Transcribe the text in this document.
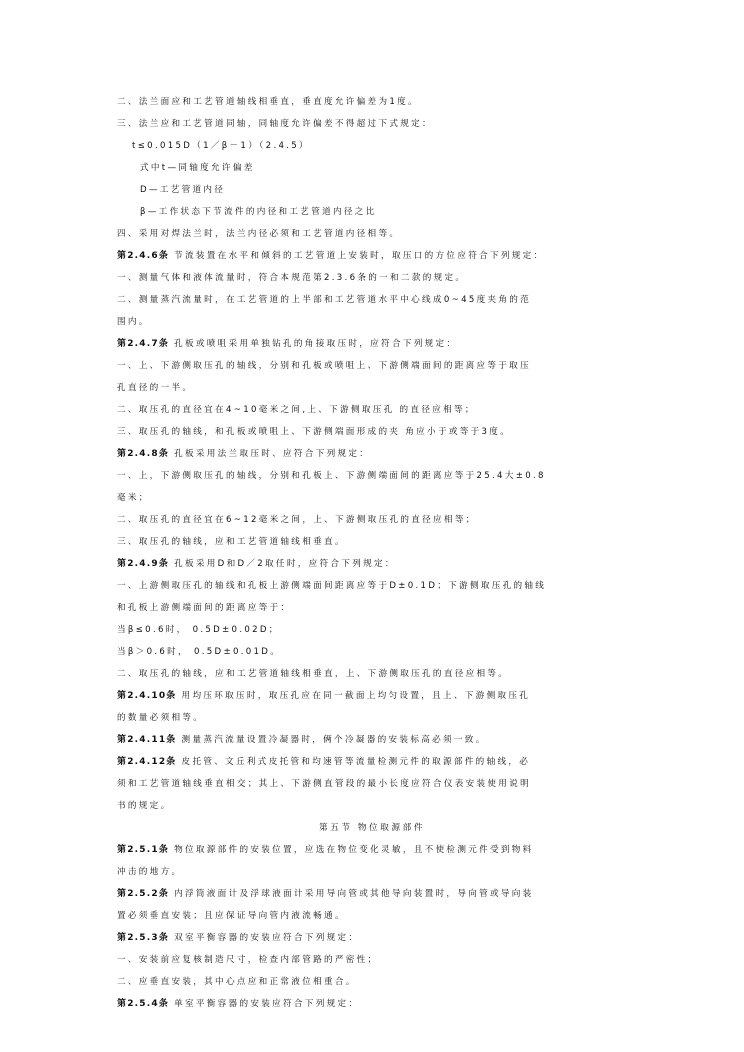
二、法兰面应和工艺管道轴线相垂直，垂直度允许偏差为1度。
三、法兰应和工艺管道同轴，同轴度允许偏差不得超过下式规定：
t≤0.015D（1／β－1）（2.4.5）
式中t—同轴度允许偏差
D—工艺管道内径
β—工作状态下节流件的内径和工艺管道内径之比
四、采用对焊法兰时，法兰内径必须和工艺管道内径相等。
第2.4.6条 节流装置在水平和倾斜的工艺管道上安装时，取压口的方位应符合下列规定：
一、测量气体和液体流量时，符合本规范第2.3.6条的一和二款的规定。
二、测量蒸汽流量时，在工艺管道的上半部和工艺管道水平中心线成0~45度夹角的范
围内。
第2.4.7条 孔板或喷咀采用单独钻孔的角接取压时，应符合下列规定：
一、上、下游侧取压孔的轴线，分别和孔板或喷咀上、下游侧端面间的距离应等于取压
孔直径的一半。
二、取压孔的直径宜在4~10毫米之间,上、下游侧取压孔 的直径应相等；
三、取压孔的轴线，和孔板或喷咀上、下游侧端面形成的夹 角应小于或等于3度。
第2.4.8条 孔板采用法兰取压时、应符合下列规定：
一、上，下游侧取压孔的轴线，分别和孔板上、下游侧端面间的距离应等于25.4大±0.8
毫米；
二、取压孔的直径宜在6~12毫米之间，上、下游侧取压孔的直径应相等；
三、取压孔的轴线，应和工艺管道轴线相垂直。
第2.4.9条 孔板采用D和D／2取任时，应符合下列规定：
一、上游侧取压孔的轴线和孔板上游侧端面间距离应等于D±0.1D；下游侧取压孔的轴线
和孔板上游侧端面间的距离应等于：
当β≤0.6时， 0.5D±0.02D；
当β＞0.6时， 0.5D±0.01D。
二、取压孔的轴线，应和工艺管道轴线相垂直，上、下游侧取压孔的直径应相等。
第2.4.10条 用均压环取压时，取压孔应在同一截面上均匀设置，且上、下游侧取压孔
的数量必须相等。
第2.4.11条 测量蒸汽流量设置冷凝器时，俩个冷凝器的安装标高必须一致。
第2.4.12条 皮托管、文丘利式皮托管和均速管等流量检测元件的取源部件的轴线，必
须和工艺管道轴线垂直相交；其上、下游侧直管段的最小长度应符合仪表安装使用说明
书的规定。
第五节 物位取源部件
第2.5.1条 物位取源部件的安装位置，应选在物位变化灵敏，且不使检测元件受到物料
冲击的地方。
第2.5.2条 内浮筒液面计及浮球液面计采用导向管或其他导向装置时，导向管或导向装
置必须垂直安装；且应保证导向管内液流畅通。
第2.5.3条 双室平衡容器的安装应符合下列规定：
一、安装前应复核制造尺寸，检查内部管路的严密性；
二、应垂直安装，其中心点应和正常液位相重合。
第2.5.4条 单室平衡容器的安装应符合下列规定：
